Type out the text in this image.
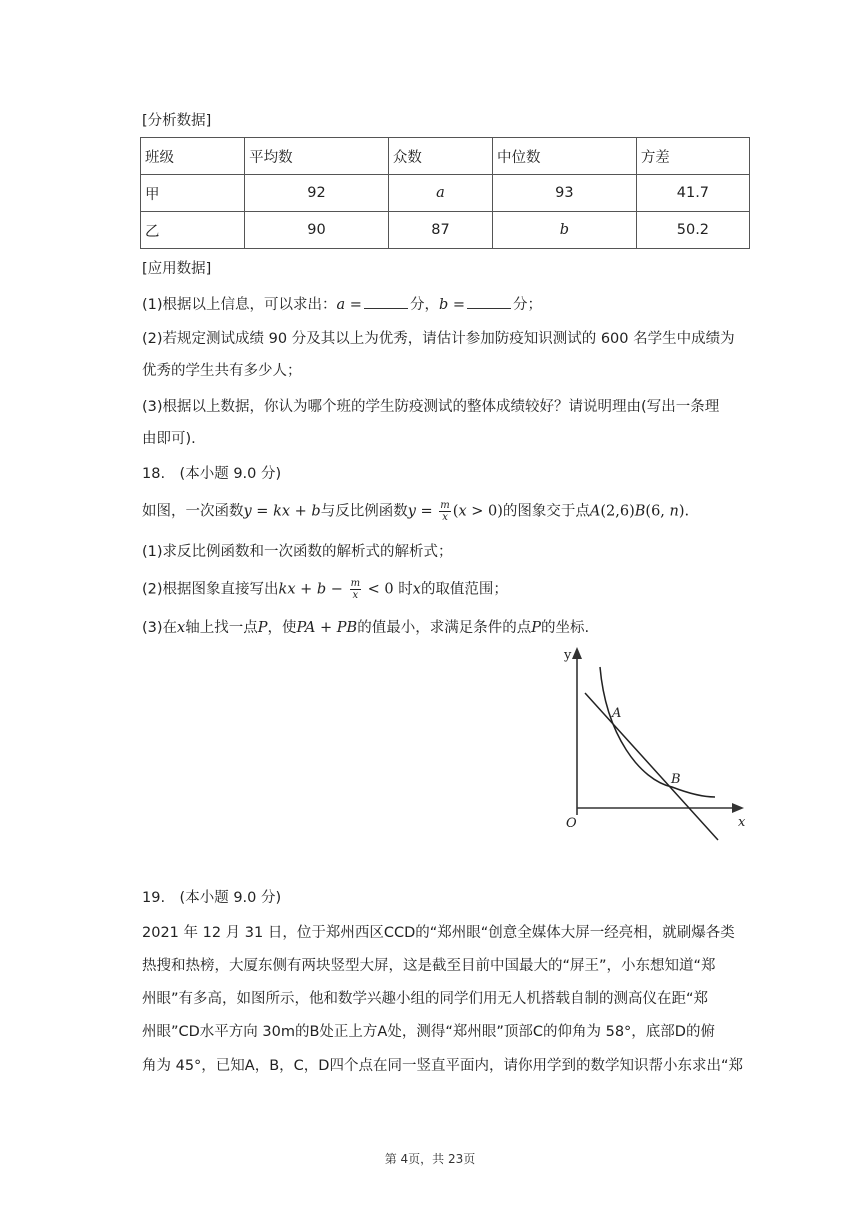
[分析数据]
班级	平均数	众数	中位数	方差
甲	92	a	93	41.7
乙	90	87	b	50.2
[应用数据]
(1)根据以上信息，可以求出：a =	分，b =	分；
(2)若规定测试成绩 90 分及其以上为优秀，请估计参加防疫知识测试的 600 名学生中成绩为
优秀的学生共有多少人；
(3)根据以上数据，你认为哪个班的学生防疫测试的整体成绩较好？请说明理由(写出一条理
由即可).
18.　(本小题 9.0 分)
如图，一次函数y = kx + b与反比例函数$y = \frac{m}{x} (x > 0)$的图象交于点A(2,6)B(6, n).
(1)求反比例函数和一次函数的解析式的解析式；
(2)根据图象直接写出kx + $b - \frac{m}{x} < 0$ 时x的取值范围；
(3)在x轴上找一点P，使PA + PB的值最小，求满足条件的点P的坐标.
y
x
O
A
B
19.　(本小题 9.0 分)
2021 年 12 月 31 日，位于郑州西区CCD的“郑州眼“创意全媒体大屏一经亮相，就刷爆各类
热搜和热榜，大厦东侧有两块竖型大屏，这是截至目前中国最大的“屏王”，小东想知道“郑
州眼”有多高，如图所示，他和数学兴趣小组的同学们用无人机搭载自制的测高仪在距“郑
州眼”CD水平方向 30m的B处正上方A处，测得“郑州眼”顶部C的仰角为 58°，底部D的俯
角为 45°，已知A，B，C，D四个点在同一竖直平面内，请你用学到的数学知识帮小东求出“郑
第 4页，共 23页
